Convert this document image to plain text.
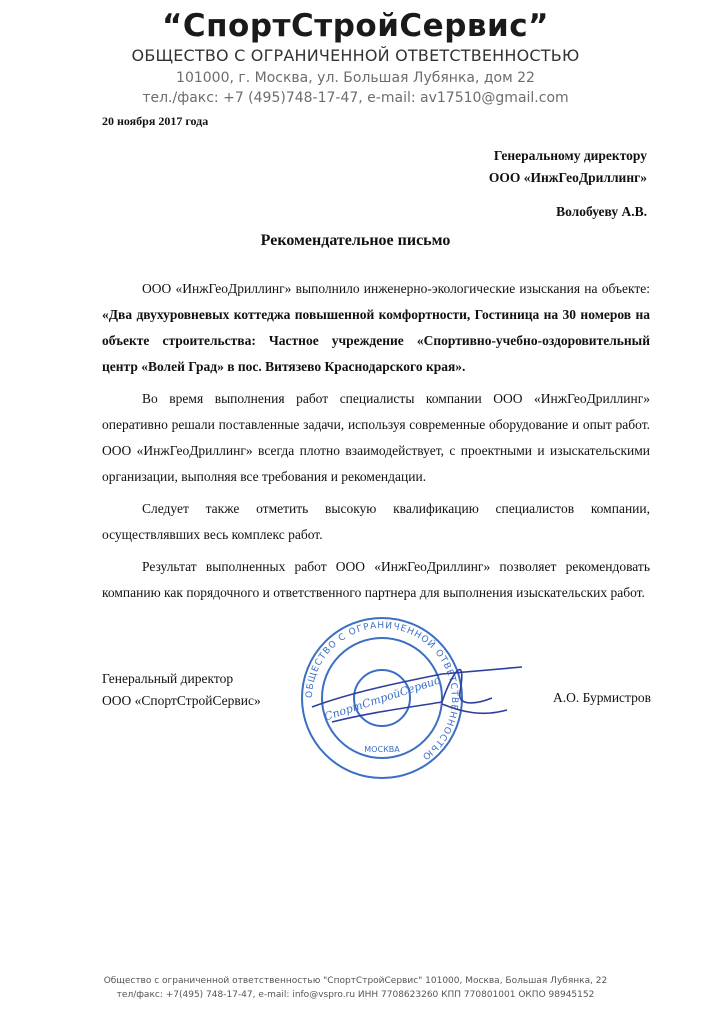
“СпортСтройСервис”
ОБЩЕСТВО С ОГРАНИЧЕННОЙ ОТВЕТСТВЕННОСТЬЮ
101000, г. Москва, ул. Большая Лубянка, дом 22
тел./факс: +7 (495)748-17-47, e-mail: av17510@gmail.com
20 ноября 2017 года
Генеральному директору
ООО «ИнжГеоДриллинг»
Волобуеву А.В.
Рекомендательное письмо

ООО «ИнжГеоДриллинг» выполнило инженерно-экологические изыскания на объекте: «Два двухуровневых коттеджа повышенной комфортности, Гостиница на 30 номеров на объекте строительства: Частное учреждение «Спортивно-учебно-оздоровительный центр «Волей Град» в пос. Витязево Краснодарского края».

Во время выполнения работ специалисты компании ООО «ИнжГеоДриллинг» оперативно решали поставленные задачи, используя современные оборудование и опыт работ. ООО «ИнжГеоДриллинг» всегда плотно взаимодействует, с проектными и изыскательскими организации, выполняя все требования и рекомендации.

Следует также отметить высокую квалификацию специалистов компании, осуществлявших весь комплекс работ.

Результат выполненных работ ООО «ИнжГеоДриллинг» позволяет рекомендовать компанию как порядочного и ответственного партнера для выполнения изыскательских работ.

ОБЩЕСТВО С ОГРАНИЧЕННОЙ ОТВЕТСТВЕННОСТЬЮ
СпортСтройСервис
МОСКВА
Генеральный директор
ООО «СпортСтройСервис»	А.О. Бурмистров
Общество с ограниченной ответственностью "СпортСтройСервис" 101000, Москва, Большая Лубянка, 22
тел/факс: +7(495) 748-17-47, e-mail: info@vspro.ru ИНН 7708623260 КПП 770801001 ОКПО 98945152
